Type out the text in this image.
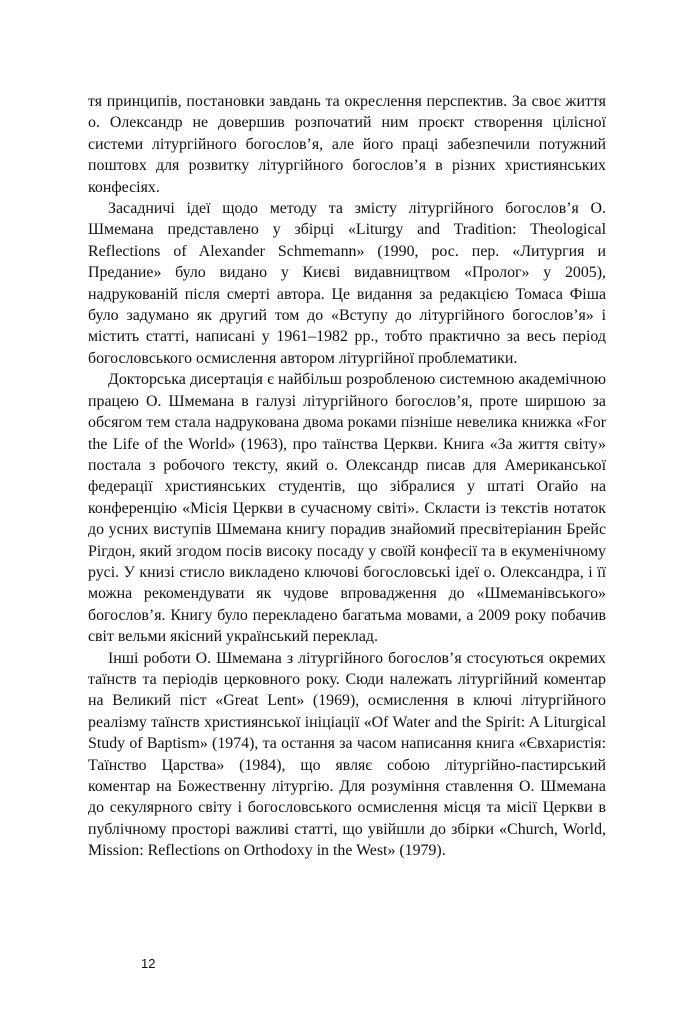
тя принципів, постановки завдань та окреслення перспектив. За своє життя о. Олександр не довершив розпочатий ним проєкт створення цілісної системи літургійного богослов’я, але його праці забезпечили потужний поштовх для розвитку літургійного богослов’я в різних християнських конфесіях.

Засадничі ідеї щодо методу та змісту літургійного богослов’я О. Шмемана представлено у збірці «Liturgy and Tradition: Theological Reflections of Alexander Schmemann» (1990, рос. пер. «Литургия и Предание» було видано у Києві видавництвом «Пролог» у 2005), надрукованій після смерті автора. Це видання за редакцією Томаса Фіша було задумано як другий том до «Вступу до літургійного богослов’я» і містить статті, написані у 1961–1982 рр., тобто практично за весь період богословського осмислення автором літургійної проблематики.

Докторська дисертація є найбільш розробленою системною академічною працею О. Шмемана в галузі літургійного богослов’я, проте ширшою за обсягом тем стала надрукована двома роками пізніше невелика книжка «For the Life of the World» (1963), про таїнства Церкви. Книга «За життя світу» постала з робочого тексту, який о. Олександр писав для Американської федерації християнських студентів, що зібралися у штаті Огайо на конференцію «Місія Церкви в сучасному світі». Скласти із текстів нотаток до усних виступів Шмемана книгу порадив знайомий пресвітеріанин Брейс Рігдон, який згодом посів високу посаду у своїй конфесії та в екуменічному русі. У книзі стисло викладено ключові богословські ідеї о. Олександра, і її можна рекомендувати як чудове впровадження до «Шмеманівського» богослов’я. Книгу було перекладено багатьма мовами, а 2009 року побачив світ вельми якісний український переклад.

Інші роботи О. Шмемана з літургійного богослов’я стосуються окремих таїнств та періодів церковного року. Сюди належать літургійний коментар на Великий піст «Great Lent» (1969), осмислення в ключі літургійного реалізму таїнств християнської ініціації «Of Water and the Spirit: A Liturgical Study of Baptism» (1974), та остання за часом написання книга «Євхаристія: Таїнство Царства» (1984), що являє собою літургійно-пастирський коментар на Божественну літургію. Для розуміння ставлення О. Шмемана до секулярного світу і богословського осмислення місця та місії Церкви в публічному просторі важливі статті, що увійшли до збірки «Church, World, Mission: Reflections on Orthodoxy in the West» (1979).

12
